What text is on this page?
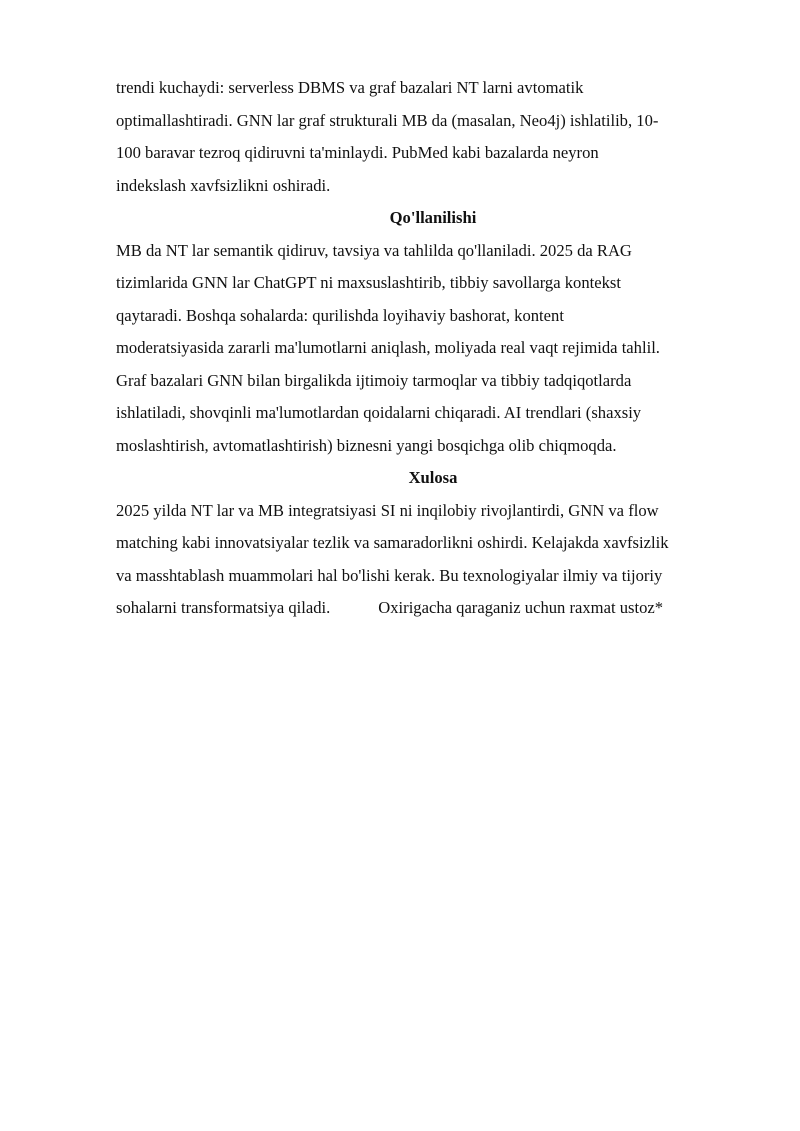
trendi kuchaydi: serverless DBMS va graf bazalari NT larni avtomatik
optimallashtiradi. GNN lar graf strukturali MB da (masalan, Neo4j) ishlatilib, 10-
100 baravar tezroq qidiruvni ta'minlaydi. PubMed kabi bazalarda neyron
indekslash xavfsizlikni oshiradi.

Qo'llanilishi

MB da NT lar semantik qidiruv, tavsiya va tahlilda qo'llaniladi. 2025 da RAG
tizimlarida GNN lar ChatGPT ni maxsuslashtirib, tibbiy savollarga kontekst
qaytaradi. Boshqa sohalarda: qurilishda loyihaviy bashorat, kontent
moderatsiyasida zararli ma'lumotlarni aniqlash, moliyada real vaqt rejimida tahlil.
Graf bazalari GNN bilan birgalikda ijtimoiy tarmoqlar va tibbiy tadqiqotlarda
ishlatiladi, shovqinli ma'lumotlardan qoidalarni chiqaradi. AI trendlari (shaxsiy
moslashtirish, avtomatlashtirish) biznesni yangi bosqichga olib chiqmoqda.

Xulosa

2025 yilda NT lar va MB integratsiyasi SI ni inqilobiy rivojlantirdi, GNN va flow
matching kabi innovatsiyalar tezlik va samaradorlikni oshirdi. Kelajakda xavfsizlik
va masshtablash muammolari hal bo'lishi kerak. Bu texnologiyalar ilmiy va tijoriy
sohalarni transformatsiya qiladi.	Oxirigacha qaraganiz uchun raxmat ustoz*
